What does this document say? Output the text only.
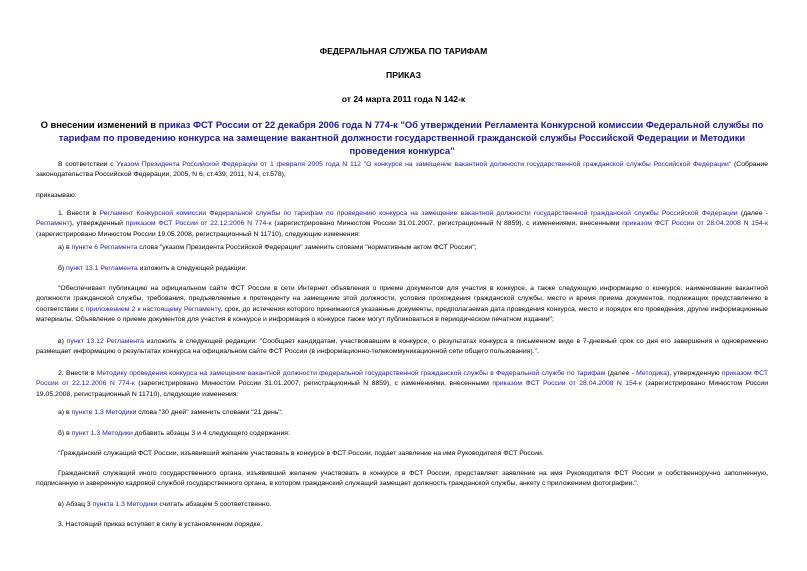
ФЕДЕРАЛЬНАЯ СЛУЖБА ПО ТАРИФАМ
ПРИКАЗ
от 24 марта 2011 года N 142-к
О внесении изменений в приказ ФСТ России от 22 декабря 2006 года N 774-к "Об утверждении Регламента Конкурсной комиссии Федеральной службы по тарифам по проведению конкурса на замещение вакантной должности государственной гражданской службы Российской Федерации и Методики проведения конкурса"
В соответствии с Указом Президента Российской Федерации от 1 февраля 2005 года N 112 "О конкурсе на замещение вакантной должности государственной гражданской службы Российской Федерации" (Собрание законодательства Российской Федерации, 2005, N 6, ст.439; 2011, N 4, ст.578),
приказываю:
1. Внести в Регламент Конкурсной комиссии Федеральной службы по тарифам по проведению конкурса на замещение вакантной должности государственной гражданской службы Российской Федерации (далее - Регламент), утвержденный приказом ФСТ России от 22.12.2006 N 774-к (зарегистрировано Минюстом России 31.01.2007, регистрационный N 8859), с изменениями, внесенными приказом ФСТ России от 28.04.2008 N 154-к (зарегистрировано Минюстом России 19.05.2008, регистрационный N 11710), следующие изменения:
а) в пункте 6 Регламента слова "указом Президента Российской Федерации" заменить словами "нормативным актом ФСТ России";
б) пункт 13.1 Регламента изложить в следующей редакции:
"Обеспечивает публикацию на официальном сайте ФСТ России в сети Интернет объявления о приеме документов для участия в конкурсе, а также следующую информацию о конкурсе: наименование вакантной должности гражданской службы, требования, предъявляемые к претенденту на замещение этой должности, условия прохождения гражданской службы, место и время приема документов, подлежащих представлению в соответствии с приложением 2 к настоящему Регламенту, срок, до истечения которого принимаются указанные документы, предполагаемая дата проведения конкурса, место и порядок его проведения, другие информационные материалы. Объявление о приеме документов для участия в конкурсе и информация о конкурсе также могут публиковаться в периодическом печатном издании";
в) пункт 13.12 Регламента изложить в следующей редакции: "Сообщает кандидатам, участвовавшим в конкурсе, о результатах конкурса в письменном виде в 7-дневный срок со дня его завершения и одновременно размещает информацию о результатах конкурса на официальном сайте ФСТ России (в информационно-телекоммуникационной сети общего пользования).".
2. Внести в Методику проведения конкурса на замещение вакантной должности федеральной государственной гражданской службы в Федеральной службе по тарифам (далее - Методика), утвержденную приказом ФСТ России от 22.12.2006 N 774-к (зарегистрировано Минюстом России 31.01.2007, регистрационный N 8859), с изменениями, внесенными приказом ФСТ России от 28.04.2008 N 154-к (зарегистрировано Минюстом России 19.05.2008, регистрационный N 11710), следующие изменения:
а) в пункте 1.3 Методики слова "30 дней" заменить словами "21 день";
б) в пункт 1.3 Методики добавить абзацы 3 и 4 следующего содержания:
"Гражданский служащий ФСТ России, изъявивший желание участвовать в конкурсе в ФСТ России, подает заявление на имя Руководителя ФСТ России.
Гражданский служащий иного государственного органа, изъявивший желание участвовать в конкурсе в ФСТ России, представляет заявление на имя Руководителя ФСТ России и собственноручно заполненную, подписанную и заверенную кадровой службой государственного органа, в котором гражданский служащий замещает должность гражданской службы, анкету с приложением фотографии.".
в) Абзац 3 пункта 1.3 Методики считать абзацем 5 соответственно.
3. Настоящий приказ вступает в силу в установленном порядке.
